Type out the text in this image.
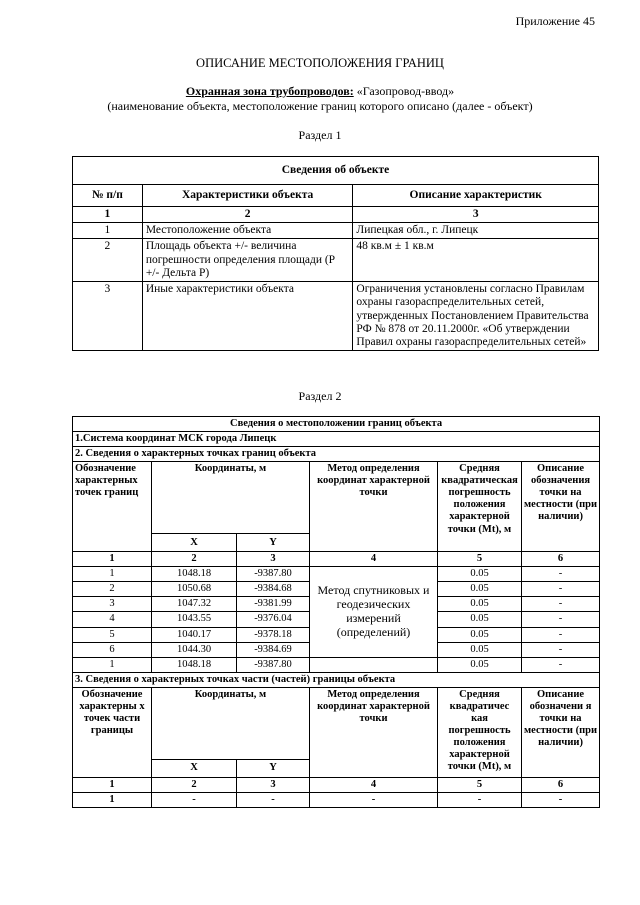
Приложение 45
ОПИСАНИЕ МЕСТОПОЛОЖЕНИЯ ГРАНИЦ
Охранная зона трубопроводов: «Газопровод-ввод»
(наименование объекта, местоположение границ которого описано (далее - объект)
Раздел 1
Сведения об объекте		
№ п/п	Характеристики объекта	Описание характеристик
1	2	3
1	Местоположение объекта	Липецкая обл., г. Липецк
2	Площадь объекта +/- величина погрешности определения площади (Р +/- Дельта Р)	48 кв.м ± 1 кв.м
3	Иные характеристики объекта	Ограничения установлены согласно Правилам охраны газораспределительных сетей, утвержденных Постановлением Правительства РФ № 878 от 20.11.2000г. «Об утверждении Правил охраны газораспределительных сетей»
Раздел 2
Сведения о местоположении границ объекта					
1.Система координат МСК города Липецк					
2. Сведения о характерных точках границ объекта					
Обозначение характерных точек границ	Координаты, м		Метод определения координат характерной точки	Средняя квадратическая погрешность положения характерной точки (Mt), м	Описание обозначения точки на местности (при наличии)
	X	Y			
1	2	3	4	5	6
1	1048.18	-9387.80	Метод спутниковых и геодезических измерений (определений)	0.05	-
2	1050.68	-9384.68		0.05	-
3	1047.32	-9381.99		0.05	-
4	1043.55	-9376.04		0.05	-
5	1040.17	-9378.18		0.05	-
6	1044.30	-9384.69		0.05	-
1	1048.18	-9387.80		0.05	-
3. Сведения о характерных точках части (частей) границы объекта					
Обозначение характерны х точек части границы	Координаты, м		Метод определения координат характерной точки	Средняя квадратичес кая погрешность положения характерной точки (Mt), м	Описание обозначени я точки на местности (при наличии)
	X	Y			
1	2	3	4	5	6
1	-	-	-	-	-
